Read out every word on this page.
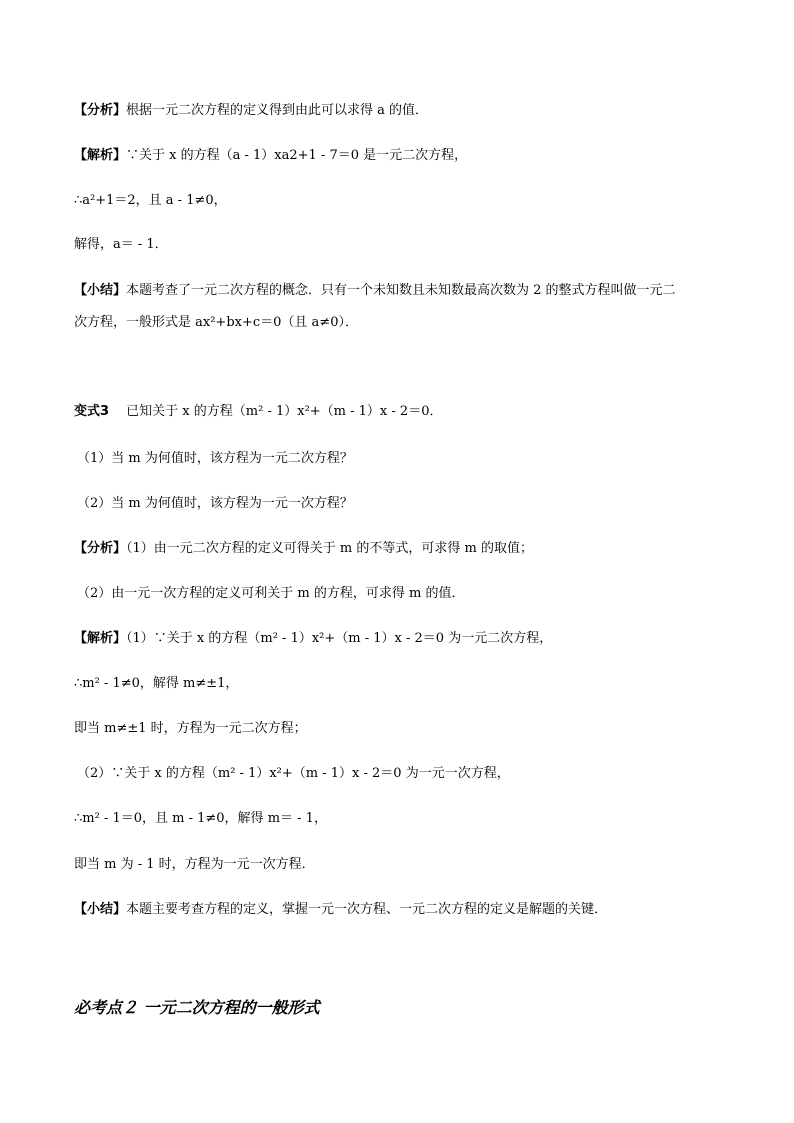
【分析】根据一元二次方程的定义得到由此可以求得 a 的值．
【解析】∵关于 x 的方程（a - 1）xa2+1 - 7＝0 是一元二次方程，
∴a²+1＝2，且 a - 1≠0，
解得，a＝ - 1．
【小结】本题考查了一元二次方程的概念．只有一个未知数且未知数最高次数为 2 的整式方程叫做一元二
次方程，一般形式是 ax²+bx+c＝0（且 a≠0）．
变式3　 已知关于 x 的方程（m² - 1）x²+（m - 1）x - 2＝0．
（1）当 m 为何值时，该方程为一元二次方程？
（2）当 m 为何值时，该方程为一元一次方程？
【分析】（1）由一元二次方程的定义可得关于 m 的不等式，可求得 m 的取值；
（2）由一元一次方程的定义可利关于 m 的方程，可求得 m 的值．
【解析】（1）∵关于 x 的方程（m² - 1）x²+（m - 1）x - 2＝0 为一元二次方程，
∴m² - 1≠0，解得 m≠±1，
即当 m≠±1 时，方程为一元二次方程；
（2）∵关于 x 的方程（m² - 1）x²+（m - 1）x - 2＝0 为一元一次方程，
∴m² - 1＝0，且 m - 1≠0，解得 m＝ - 1，
即当 m 为 - 1 时，方程为一元一次方程．
【小结】本题主要考查方程的定义，掌握一元一次方程、一元二次方程的定义是解题的关键．
必考点２ 一元二次方程的一般形式
